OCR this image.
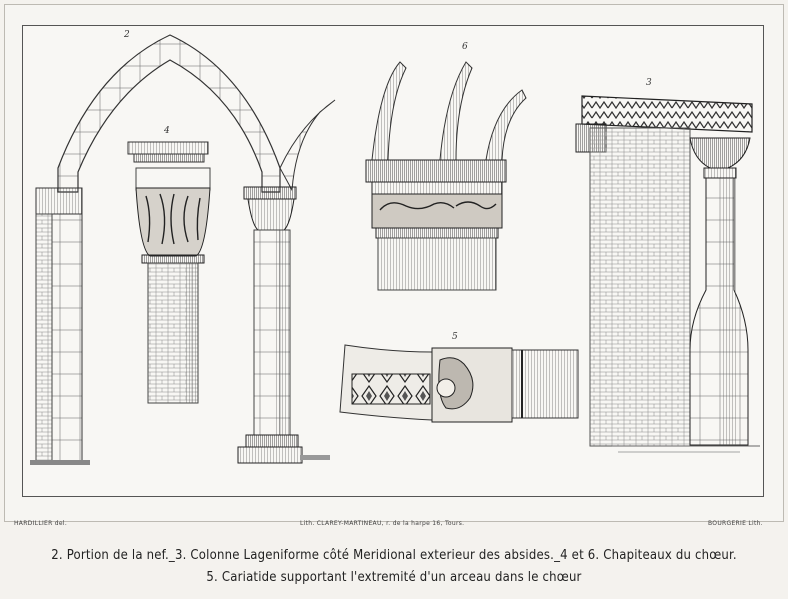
2
4
6
3
5
HARDILLIER del.	Lith. CLAREY-MARTINEAU, r. de la harpe 16, Tours.	BOURGERIE Lith.
2. Portion de la nef._3. Colonne Lageniforme côté Meridional exterieur des absides._4 et 6. Chapiteaux du chœur.
5. Cariatide supportant l'extremité d'un arceau dans le chœur
